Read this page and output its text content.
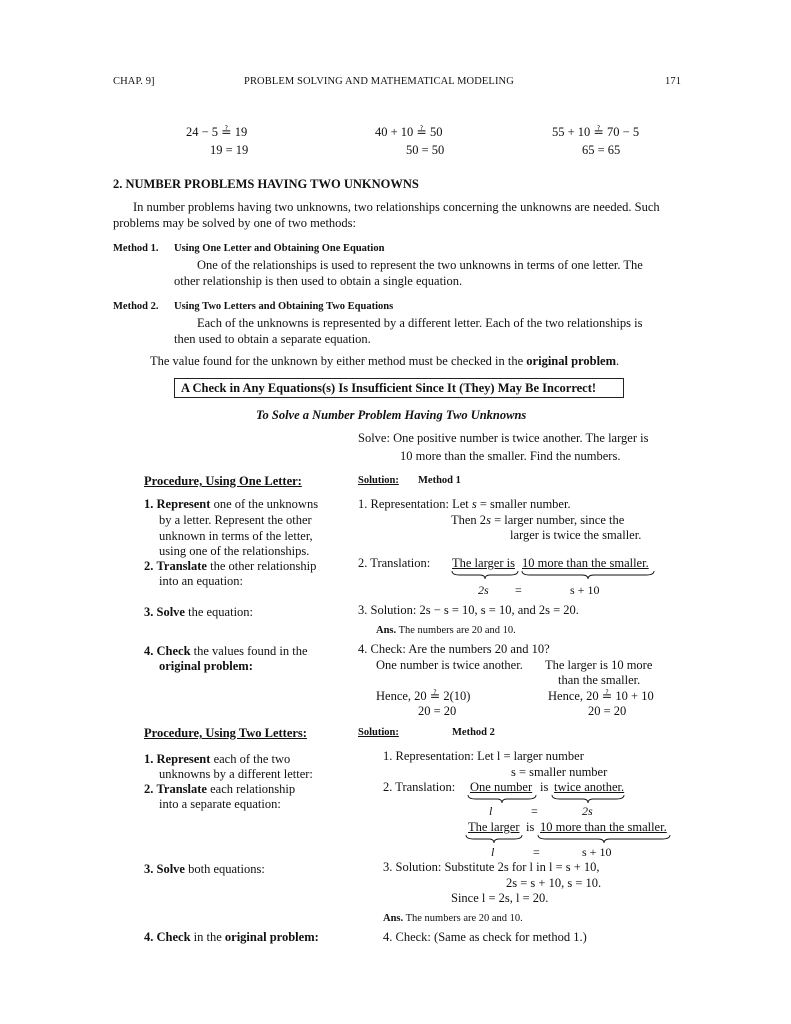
CHAP. 9]	PROBLEM SOLVING AND MATHEMATICAL MODELING	171
24 − 5 ≟ 19
19 = 19
40 + 10 ≟ 50
50 = 50
55 + 10 ≟ 70 − 5
65 = 65
2. NUMBER PROBLEMS HAVING TWO UNKNOWNS
In number problems having two unknowns, two relationships concerning the unknowns are needed. Such
problems may be solved by one of two methods:
Method 1. Using One Letter and Obtaining One Equation
One of the relationships is used to represent the two unknowns in terms of one letter. The
other relationship is then used to obtain a single equation.
Method 2. Using Two Letters and Obtaining Two Equations
Each of the unknowns is represented by a different letter. Each of the two relationships is
then used to obtain a separate equation.
The value found for the unknown by either method must be checked in the original problem.
A Check in Any Equations(s) Is Insufficient Since It (They) May Be Incorrect!
To Solve a Number Problem Having Two Unknowns
Solve: One positive number is twice another. The larger is
10 more than the smaller. Find the numbers.
Procedure, Using One Letter:
1. Represent one of the unknowns
by a letter. Represent the other
unknown in terms of the letter,
using one of the relationships.
2. Translate the other relationship
into an equation:
3. Solve the equation:
4. Check the values found in the
original problem:
Solution: Method 1
1. Representation: Let s = smaller number.
Then 2s = larger number, since the
larger is twice the smaller.
2. Translation: The larger is 10 more than the smaller.
2s =	s + 10
3. Solution: 2s − s = 10, s = 10, and 2s = 20.
Ans. The numbers are 20 and 10.
4. Check: Are the numbers 20 and 10?
One number is twice another. The larger is 10 more
than the smaller.
Hence, 20 ≟ 2(10)
20 = 20
Hence, 20 ≟ 10 + 10
20 = 20
Procedure, Using Two Letters:
1. Represent each of the two
unknowns by a different letter:
2. Translate each relationship
into a separate equation:
3. Solve both equations:
4. Check in the original problem:
Solution:	Method 2
1. Representation: Let l = larger number
s = smaller number
2. Translation: One number is twice another.
l	=	2s
The larger is 10 more than the smaller.
l	=	s + 10
3. Solution: Substitute 2s for l in l = s + 10,
2s = s + 10, s = 10.
Since l = 2s, l = 20.
Ans. The numbers are 20 and 10.
4. Check: (Same as check for method 1.)
